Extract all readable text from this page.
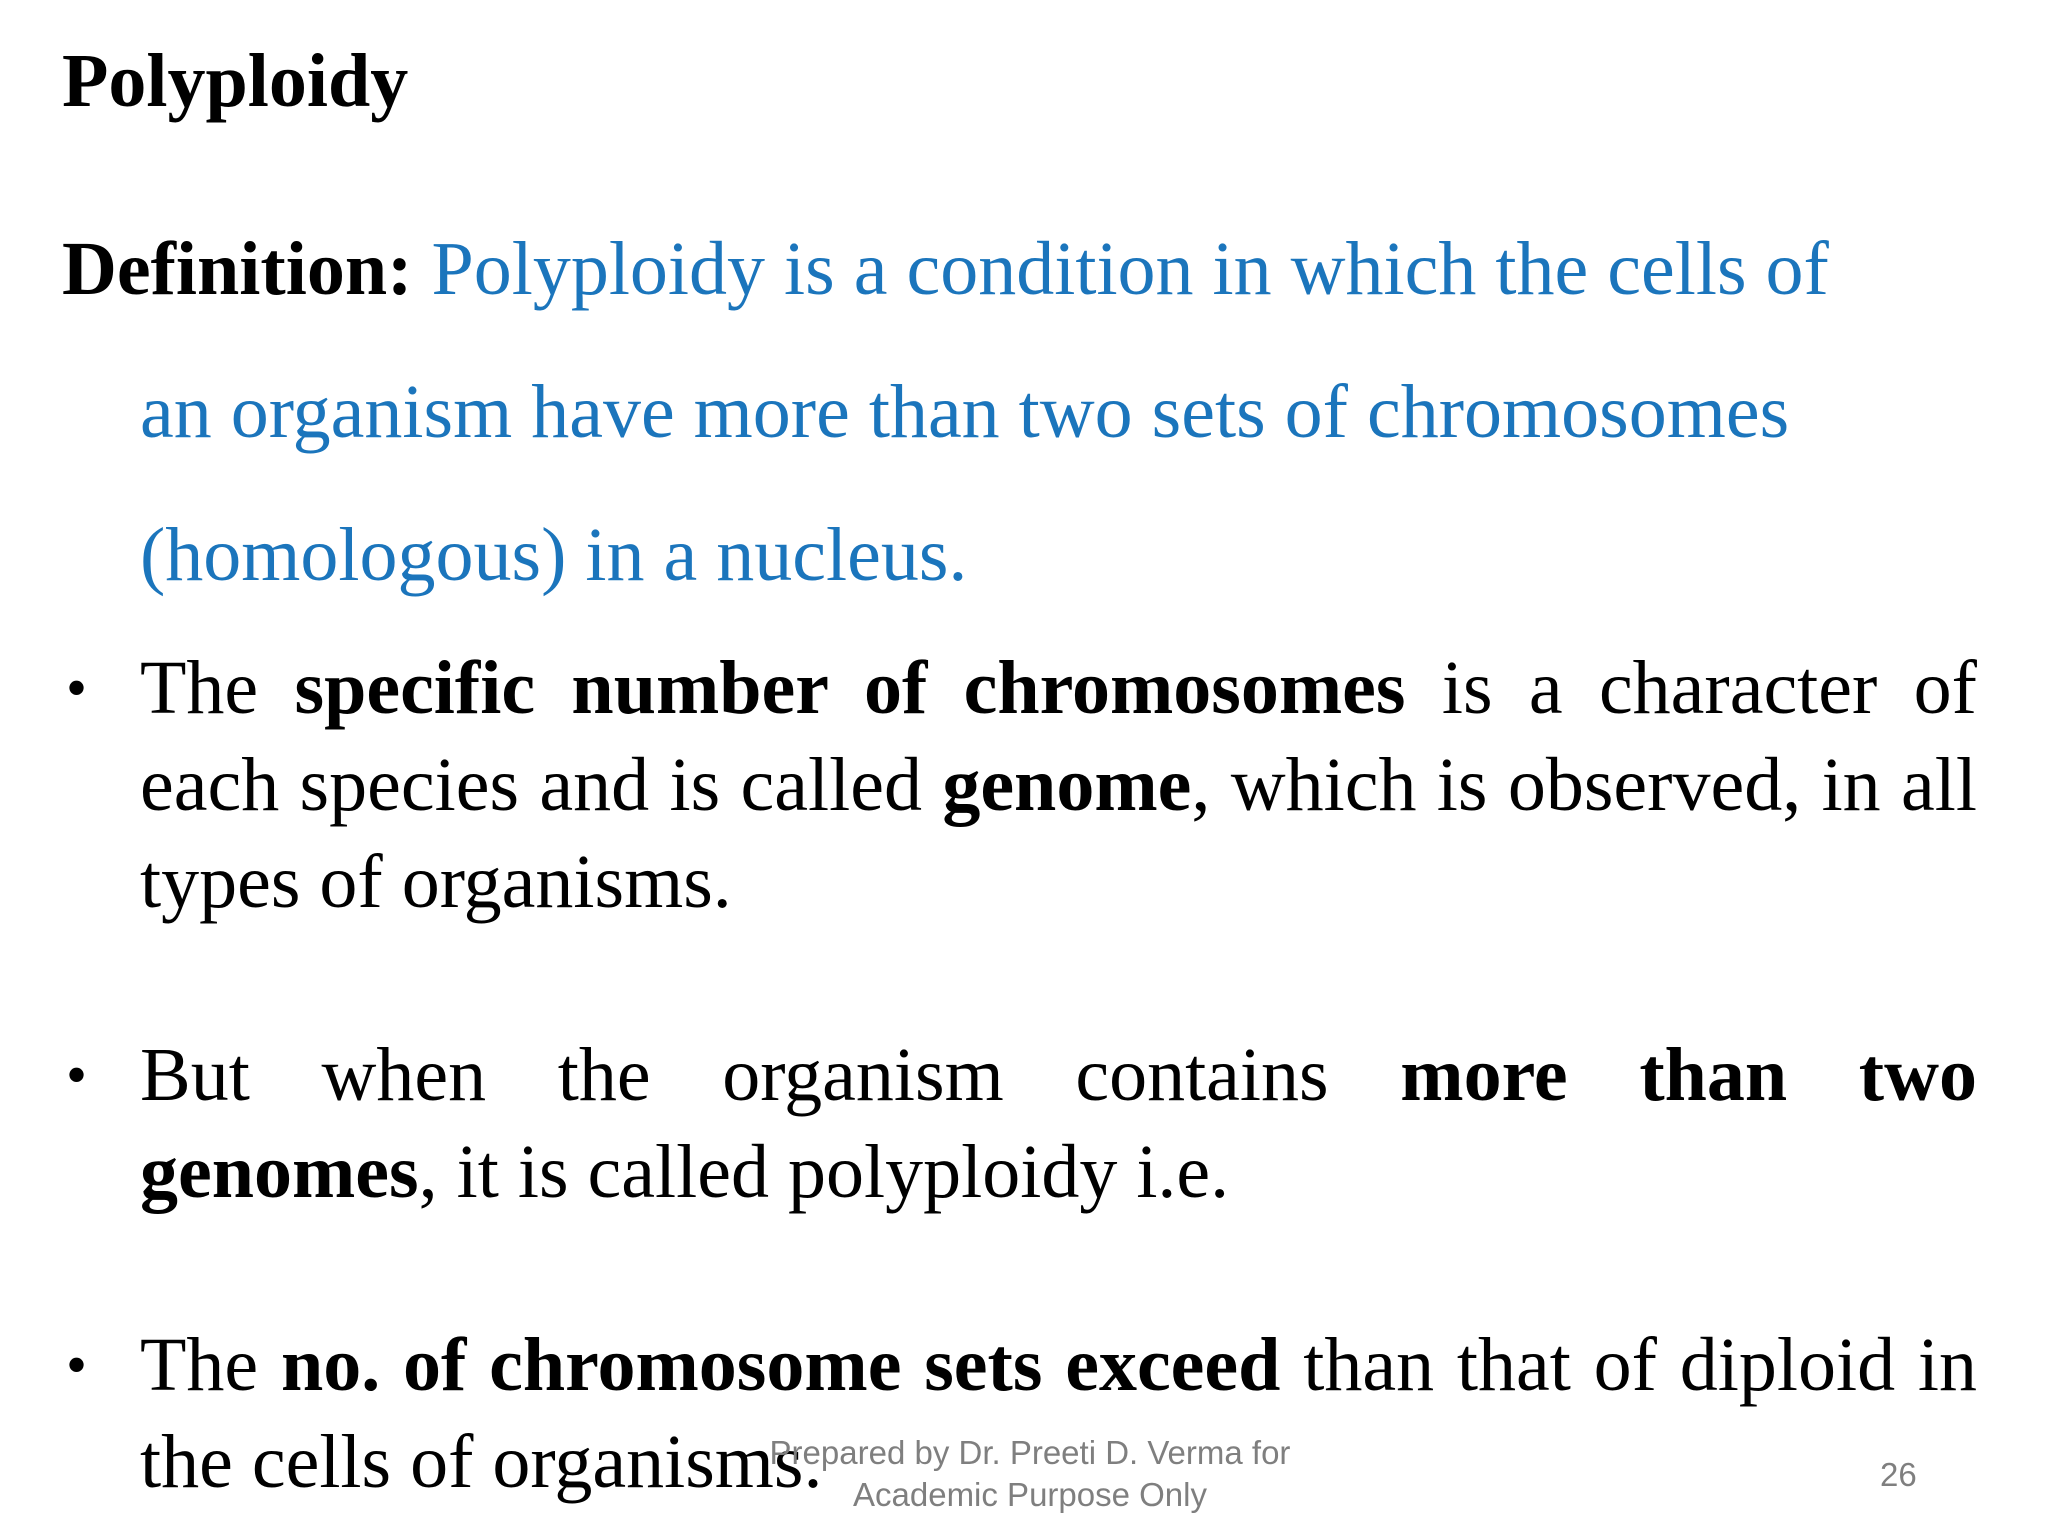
Polyploidy
Definition: Polyploidy is a condition in which the cells of
an organism have more than two sets of chromosomes
(homologous) in a nucleus.
• The specific number of chromosomes is a character of each species and is called genome, which is observed, in all types of organisms.
• But when the organism contains more than two
genomes, it is called polyploidy i.e.
• The no. of chromosome sets exceed than that of diploid in the cells of organisms.
Prepared by Dr. Preeti D. Verma for
Academic Purpose Only
26
